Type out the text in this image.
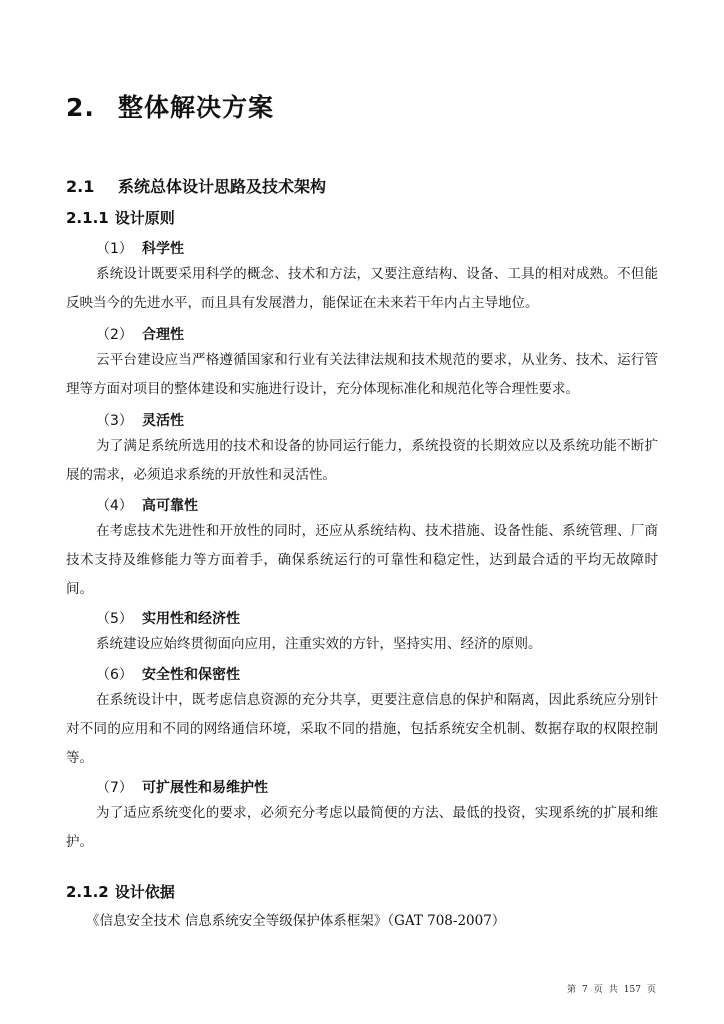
2. 整体解决方案
2.1 系统总体设计思路及技术架构
2.1.1 设计原则
（1） 科学性

系统设计既要采用科学的概念、技术和方法，又要注意结构、设备、工具的相对成熟。不但能反映当今的先进水平，而且具有发展潜力，能保证在未来若干年内占主导地位。

（2） 合理性

云平台建设应当严格遵循国家和行业有关法律法规和技术规范的要求，从业务、技术、运行管理等方面对项目的整体建设和实施进行设计，充分体现标准化和规范化等合理性要求。

（3） 灵活性

为了满足系统所选用的技术和设备的协同运行能力，系统投资的长期效应以及系统功能不断扩展的需求，必须追求系统的开放性和灵活性。

（4） 高可靠性

在考虑技术先进性和开放性的同时，还应从系统结构、技术措施、设备性能、系统管理、厂商技术支持及维修能力等方面着手，确保系统运行的可靠性和稳定性，达到最合适的平均无故障时间。

（5） 实用性和经济性

系统建设应始终贯彻面向应用，注重实效的方针，坚持实用、经济的原则。

（6） 安全性和保密性

在系统设计中，既考虑信息资源的充分共享，更要注意信息的保护和隔离，因此系统应分别针对不同的应用和不同的网络通信环境，采取不同的措施，包括系统安全机制、数据存取的权限控制等。

（7） 可扩展性和易维护性

为了适应系统变化的要求，必须充分考虑以最简便的方法、最低的投资，实现系统的扩展和维护。

2.1.2 设计依据

《信息安全技术 信息系统安全等级保护体系框架》（GAT 708-2007）

第 7 页 共 157 页
